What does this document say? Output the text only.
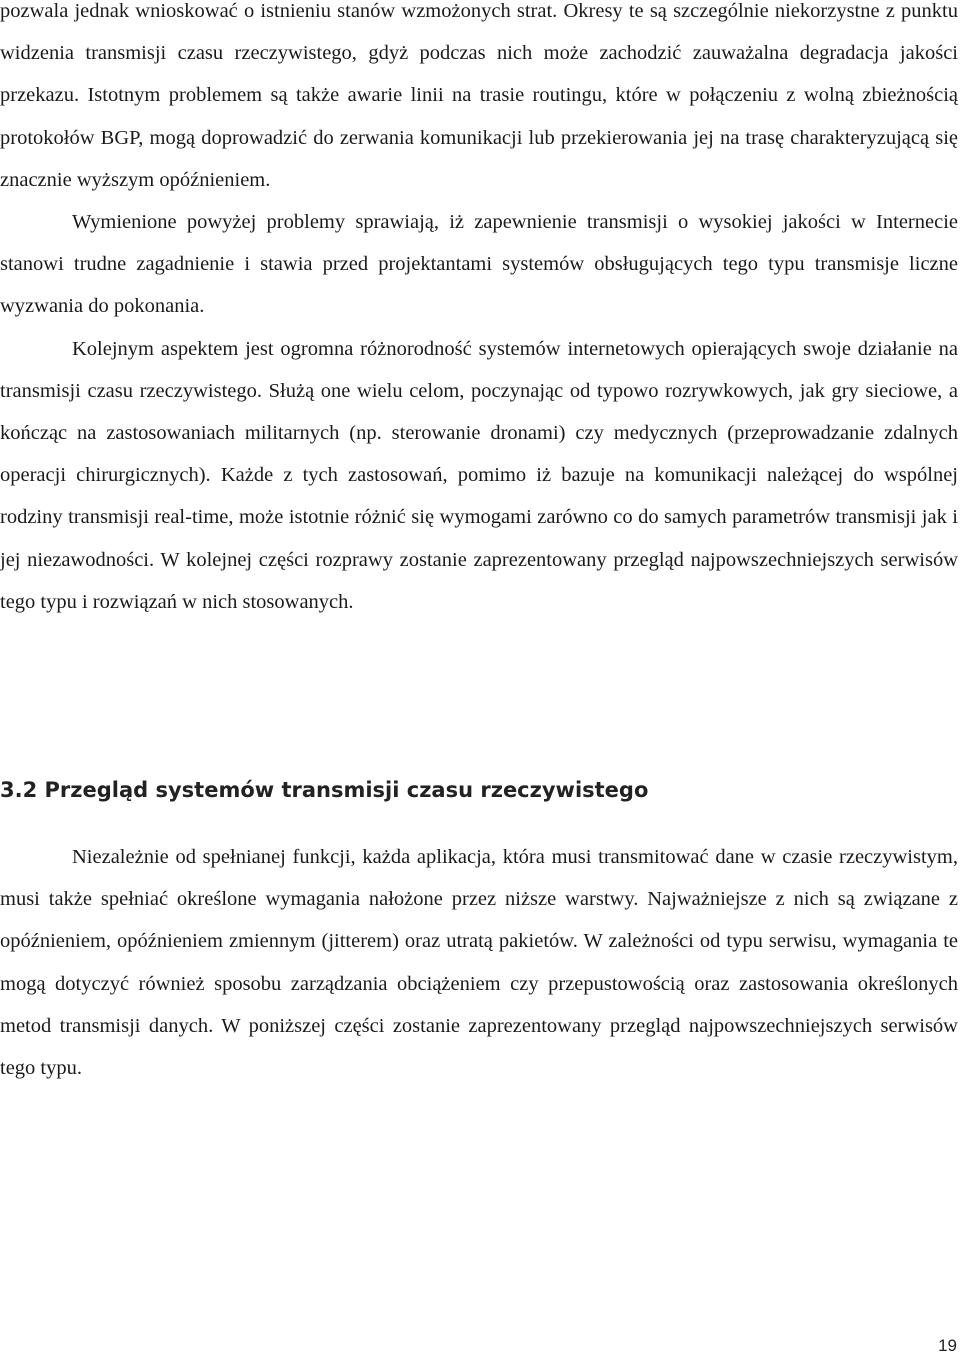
pozwala jednak wnioskować o istnieniu stanów wzmożonych strat. Okresy te są szczególnie niekorzystne z punktu widzenia transmisji czasu rzeczywistego, gdyż podczas nich może zachodzić zauważalna degradacja jakości przekazu. Istotnym problemem są także awarie linii na trasie routingu, które w połączeniu z wolną zbieżnością protokołów BGP, mogą doprowadzić do zerwania komunikacji lub przekierowania jej na trasę charakteryzującą się znacznie wyższym opóźnieniem.

Wymienione powyżej problemy sprawiają, iż zapewnienie transmisji o wysokiej jakości w Internecie stanowi trudne zagadnienie i stawia przed projektantami systemów obsługujących tego typu transmisje liczne wyzwania do pokonania.

Kolejnym aspektem jest ogromna różnorodność systemów internetowych opierających swoje działanie na transmisji czasu rzeczywistego. Służą one wielu celom, poczynając od typowo rozrywkowych, jak gry sieciowe, a kończąc na zastosowaniach militarnych (np. sterowanie dronami) czy medycznych (przeprowadzanie zdalnych operacji chirurgicznych). Każde z tych zastosowań, pomimo iż bazuje na komunikacji należącej do wspólnej rodziny transmisji real-time, może istotnie różnić się wymogami zarówno co do samych parametrów transmisji jak i jej niezawodności. W kolejnej części rozprawy zostanie zaprezentowany przegląd najpowszechniejszych serwisów tego typu i rozwiązań w nich stosowanych.

3.2 Przegląd systemów transmisji czasu rzeczywistego

Niezależnie od spełnianej funkcji, każda aplikacja, która musi transmitować dane w czasie rzeczywistym, musi także spełniać określone wymagania nałożone przez niższe warstwy. Najważniejsze z nich są związane z opóźnieniem, opóźnieniem zmiennym (jitterem) oraz utratą pakietów. W zależności od typu serwisu, wymagania te mogą dotyczyć również sposobu zarządzania obciążeniem czy przepustowością oraz zastosowania określonych metod transmisji danych. W poniższej części zostanie zaprezentowany przegląd najpowszechniejszych serwisów tego typu.

19
